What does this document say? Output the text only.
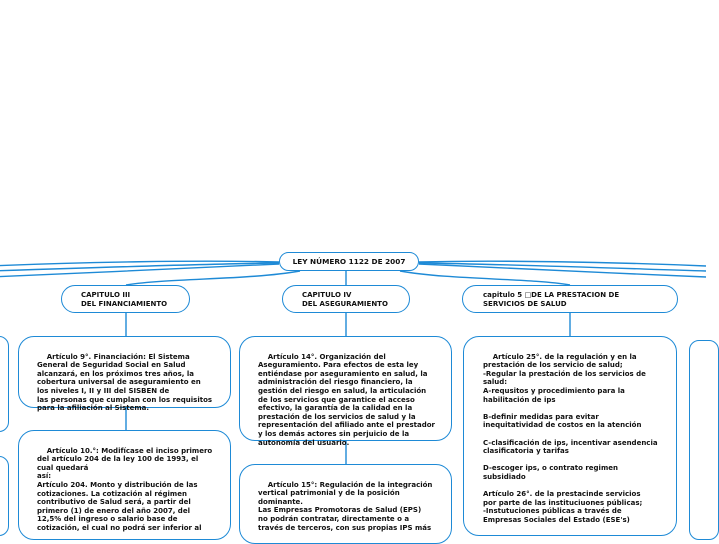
LEY NÚMERO 1122 DE 2007
CAPITULO III
DEL FINANCIAMIENTO
CAPITULO IV
DEL ASEGURAMIENTO
capitulo 5 □DE LA PRESTACION DE
SERVICIOS DE SALUD

Artículo 9°. Financiación: El Sistema
General de Seguridad Social en Salud
alcanzará, en los próximos tres años, la
cobertura universal de aseguramiento en
los niveles I, II y III del SISBEN de
las personas que cumplan con los requisitos
para la afiliación al Sistema.

Artículo 10.°: Modifícase el inciso primero
del artículo 204 de la ley 100 de 1993, el
cual quedará
así:
Artículo 204. Monto y distribución de las
cotizaciones. La cotización al régimen
contributivo de Salud será, a partir del
primero (1) de enero del año 2007, del
12,5% del ingreso o salario base de
cotización, el cual no podrá ser inferior al

Artículo 14°. Organización del
Aseguramiento. Para efectos de esta ley
entiéndase por aseguramiento en salud, la
administración del riesgo financiero, la
gestión del riesgo en salud, la articulación
de los servicios que garantice el acceso
efectivo, la garantía de la calidad en la
prestación de los servicios de salud y la
representación del afiliado ante el prestador
y los demás actores sin perjuicio de la
autonomía del usuario.

Artículo 15°: Regulación de la integración
vertical patrimonial y de la posición
dominante.
Las Empresas Promotoras de Salud (EPS)
no podrán contratar, directamente o a
través de terceros, con sus propias IPS más

Artículo 25°. de la regulación y en la
prestación de los servicio de salud;
-Regular la prestación de los servicios de
salud:
A-requsitos y procedimiento para la
habilitación de ips

B-definir medidas para evitar
inequitatividad de costos en la atención

C-clasificación de ips, incentivar asendencia
clasificatoria y tarifas

D-escoger ips, o contrato regimen
subsidiado

Artículo 26°. de la prestacinde servicios
por parte de las instituciuones públicas;
-Instutuciones públicas a través de
Empresas Sociales del Estado (ESE's)
